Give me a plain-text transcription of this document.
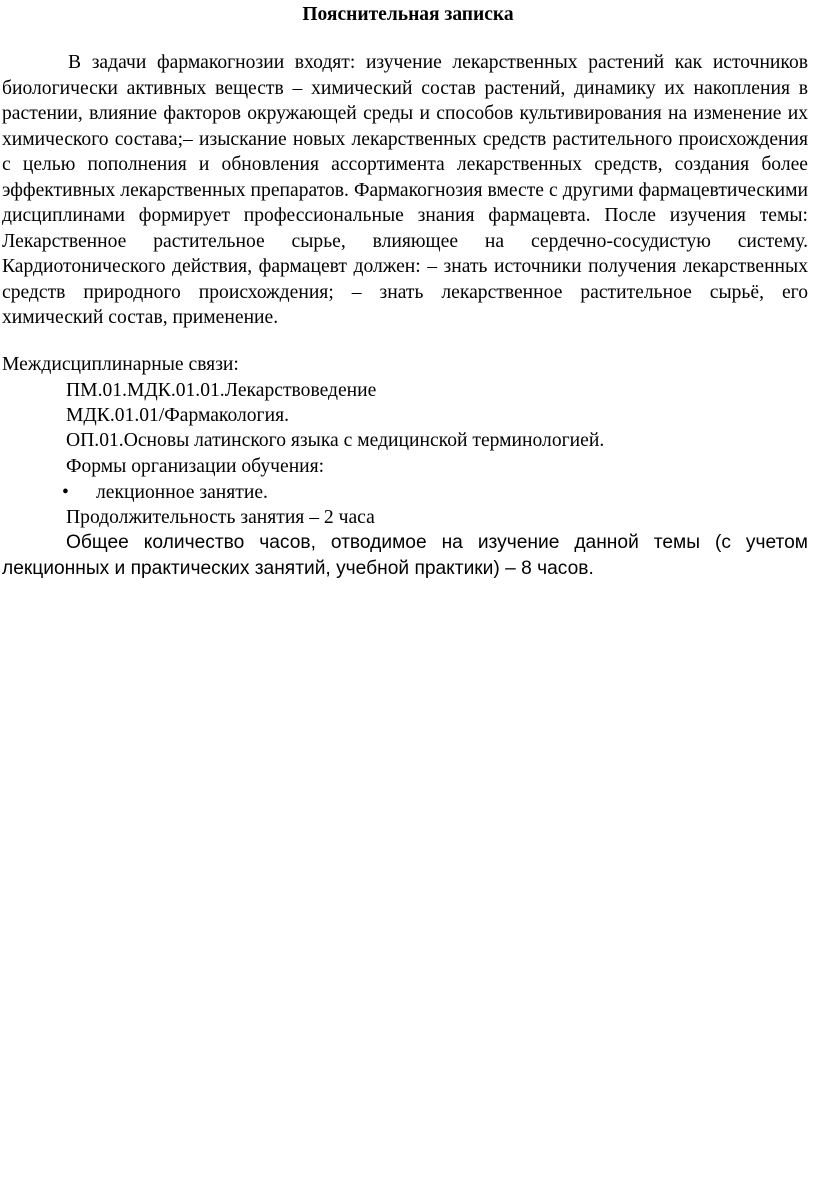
Пояснительная записка

В задачи фармакогнозии входят: изучение лекарственных растений как источников биологически активных веществ – химический состав растений, динамику их накопления в растении, влияние факторов окружающей среды и способов культивирования на изменение их химического состава;– изыскание новых лекарственных средств растительного происхождения с целью пополнения и обновления ассортимента лекарственных средств, создания более эффективных лекарственных препаратов. Фармакогнозия вместе с другими фармацевтическими дисциплинами формирует профессиональные знания фармацевта. После изучения темы: Лекарственное растительное сырье, влияющее на сердечно-сосудистую систему. Кардиотонического действия, фармацевт должен: – знать источники получения лекарственных средств природного происхождения; – знать лекарственное растительное сырьё, его химический состав, применение.

Междисциплинарные связи:

ПМ.01.МДК.01.01.Лекарствоведение

МДК.01.01/Фармакология.

ОП.01.Основы латинского языка с медицинской терминологией.

Формы организации обучения:

• лекционное занятие.

Продолжительность занятия – 2 часа

Общее количество часов, отводимое на изучение данной темы (с учетом лекционных и практических занятий, учебной практики) – 8 часов.
